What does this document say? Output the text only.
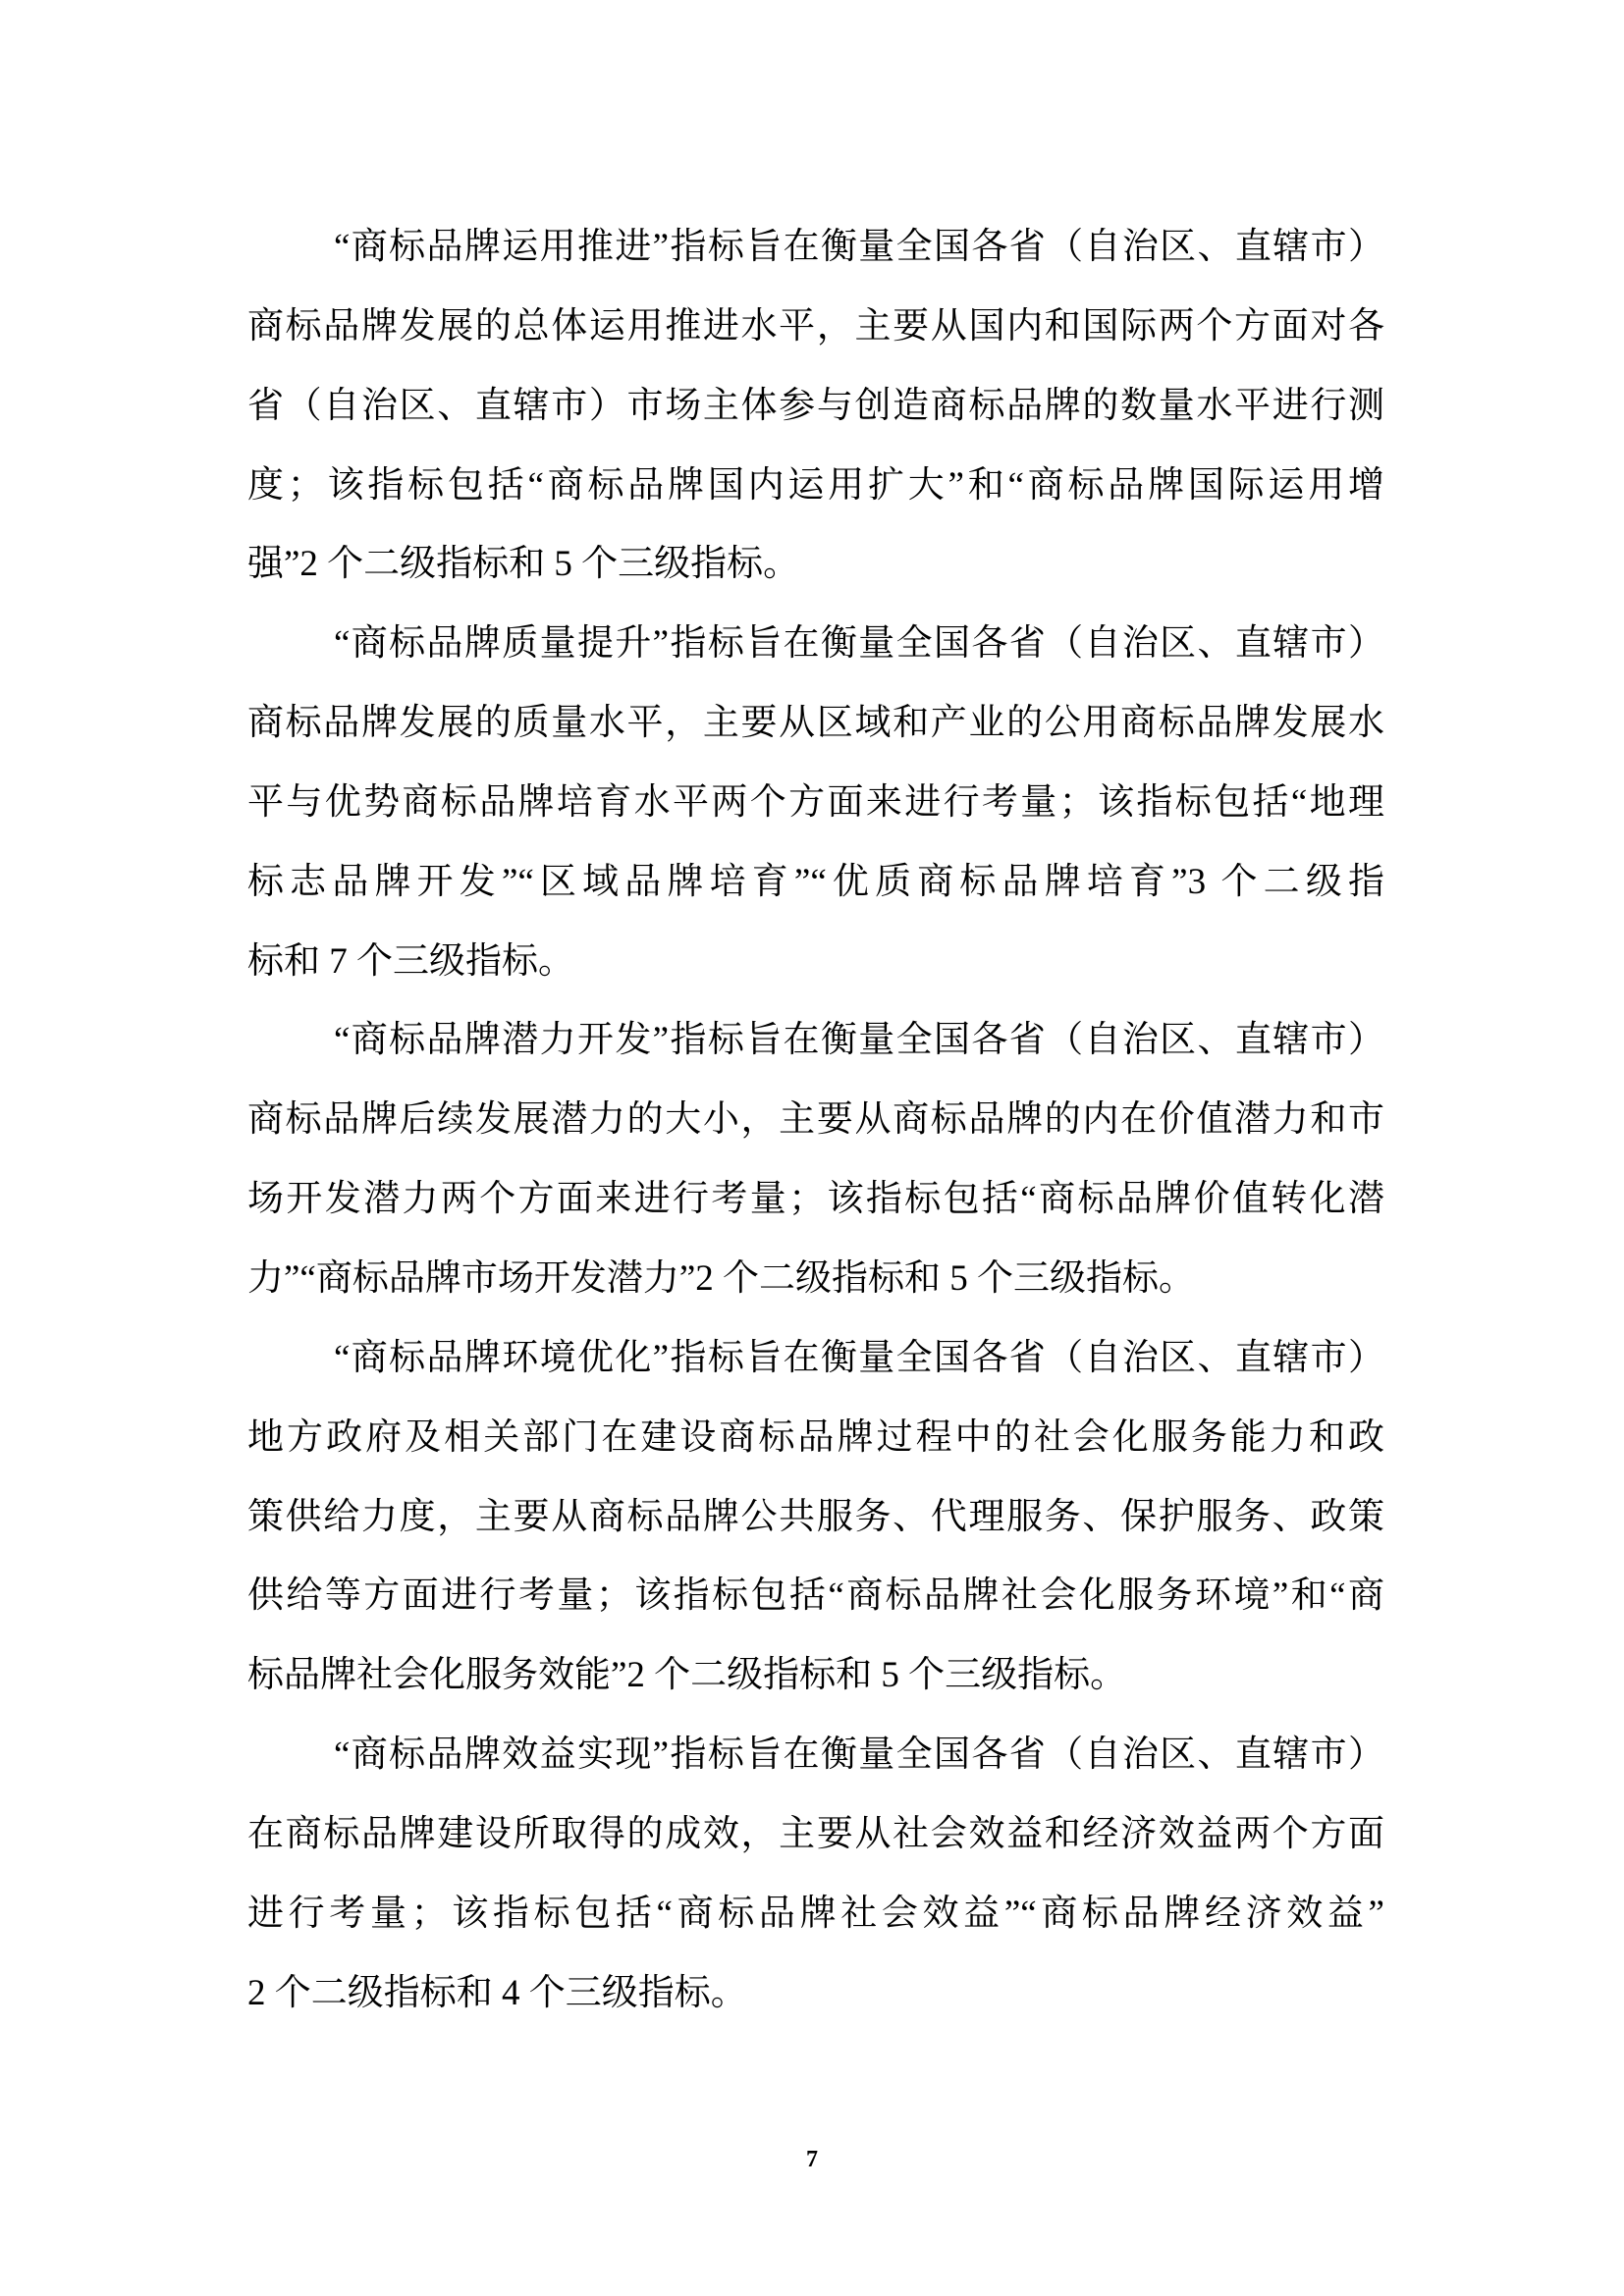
“商标品牌运用推进”指标旨在衡量全国各省（自治区、直辖市）
商标品牌发展的总体运用推进水平，主要从国内和国际两个方面对各
省（自治区、直辖市）市场主体参与创造商标品牌的数量水平进行测
度；该指标包括“商标品牌国内运用扩大”和“商标品牌国际运用增
强”2 个二级指标和 5 个三级指标。
“商标品牌质量提升”指标旨在衡量全国各省（自治区、直辖市）
商标品牌发展的质量水平，主要从区域和产业的公用商标品牌发展水
平与优势商标品牌培育水平两个方面来进行考量；该指标包括“地理
标志品牌开发”“区域品牌培育”“优质商标品牌培育”3 个二级指
标和 7 个三级指标。
“商标品牌潜力开发”指标旨在衡量全国各省（自治区、直辖市）
商标品牌后续发展潜力的大小，主要从商标品牌的内在价值潜力和市
场开发潜力两个方面来进行考量；该指标包括“商标品牌价值转化潜
力”“商标品牌市场开发潜力”2 个二级指标和 5 个三级指标。
“商标品牌环境优化”指标旨在衡量全国各省（自治区、直辖市）
地方政府及相关部门在建设商标品牌过程中的社会化服务能力和政
策供给力度，主要从商标品牌公共服务、代理服务、保护服务、政策
供给等方面进行考量；该指标包括“商标品牌社会化服务环境”和“商
标品牌社会化服务效能”2 个二级指标和 5 个三级指标。
“商标品牌效益实现”指标旨在衡量全国各省（自治区、直辖市）
在商标品牌建设所取得的成效，主要从社会效益和经济效益两个方面
进行考量；该指标包括“商标品牌社会效益”“商标品牌经济效益”
2 个二级指标和 4 个三级指标。
7
